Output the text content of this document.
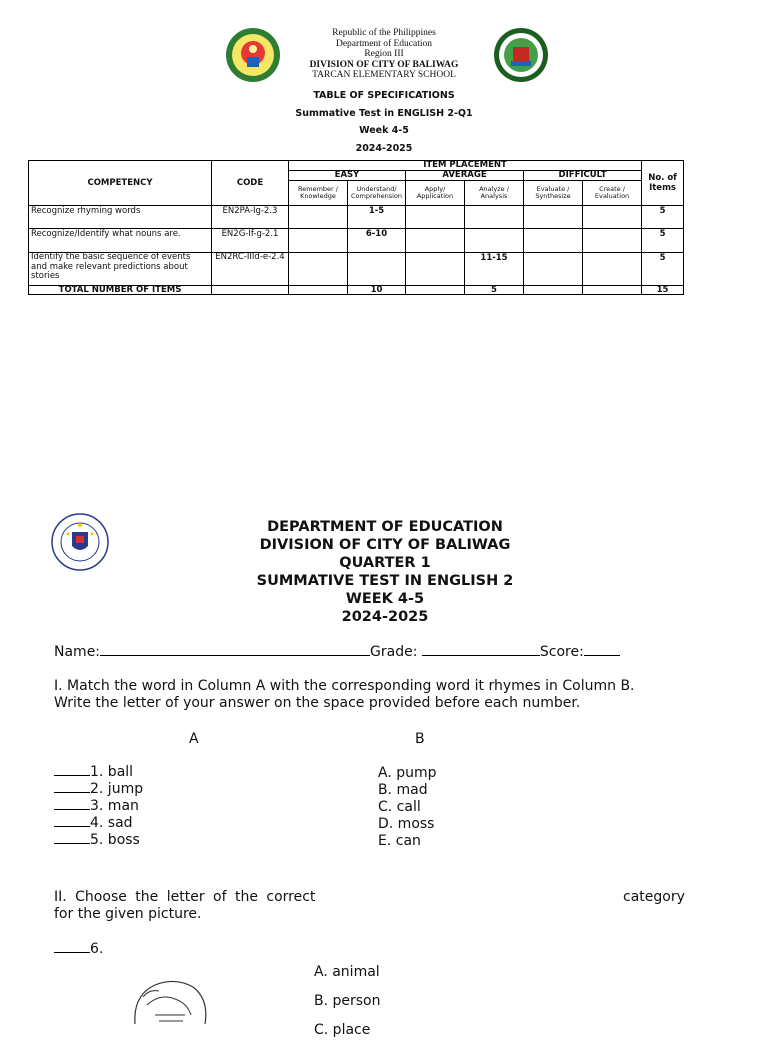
Republic of the Philippines
Department of Education
Region III
DIVISION OF CITY OF BALIWAG
TARCAN ELEMENTARY SCHOOL
TABLE OF SPECIFICATIONS
Summative Test in ENGLISH 2-Q1
Week 4-5
2024-2025
COMPETENCY	CODE	ITEM PLACEMENT						No. of Items
		EASY		AVERAGE		DIFFICULT		
		Remember / Knowledge	Understand/ Comprehension	Apply/ Application	Analyze / Analysis	Evaluate / Synthesize	Create / Evaluation	
Recognize rhyming words	EN2PA-Ig-2.3		1-5					5
Recognize/Identify what nouns are.	EN2G-If-g-2.1		6-10					5
Identify the basic sequence of events and make relevant predictions about stories	EN2RC-IIId-e-2.4				11-15			5
TOTAL NUMBER OF ITEMS			10		5			15
DEPARTMENT OF EDUCATION
DIVISION OF CITY OF BALIWAG
QUARTER 1
SUMMATIVE TEST IN ENGLISH 2
WEEK 4-5
2024-2025
Name:	Grade:	Score:
I. Match the word in Column A with the corresponding word it rhymes in Column B.
Write the letter of your answer on the space provided before each number.
A	B
1. ball
2. jump
3. man
4. sad
5. boss
A. pump
B. mad
C. call
D. moss
E. can
II. Choose the letter of the correct	category
for the given picture.
6.
A. animal
B. person
C. place
